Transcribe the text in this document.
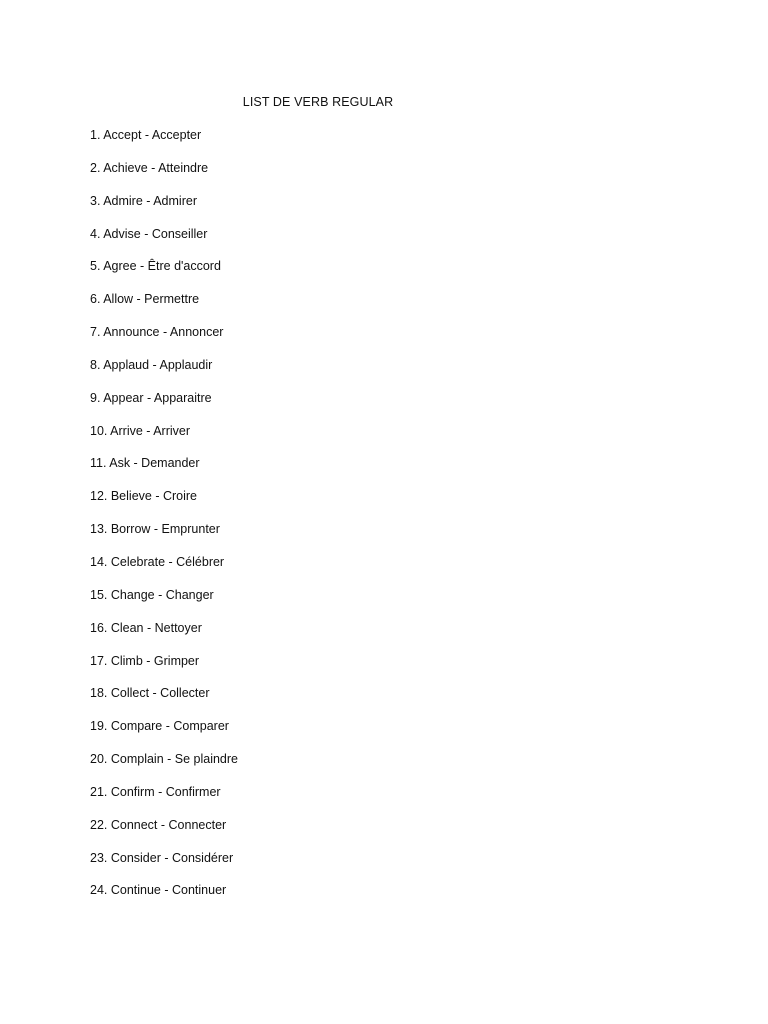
LIST DE VERB REGULAR
1. Accept - Accepter
2. Achieve - Atteindre
3. Admire - Admirer
4. Advise - Conseiller
5. Agree - Être d'accord
6. Allow - Permettre
7. Announce - Annoncer
8. Applaud - Applaudir
9. Appear - Apparaitre
10. Arrive - Arriver
11. Ask - Demander
12. Believe - Croire
13. Borrow - Emprunter
14. Celebrate - Célébrer
15. Change - Changer
16. Clean - Nettoyer
17. Climb - Grimper
18. Collect - Collecter
19. Compare - Comparer
20. Complain - Se plaindre
21. Confirm - Confirmer
22. Connect - Connecter
23. Consider - Considérer
24. Continue - Continuer
